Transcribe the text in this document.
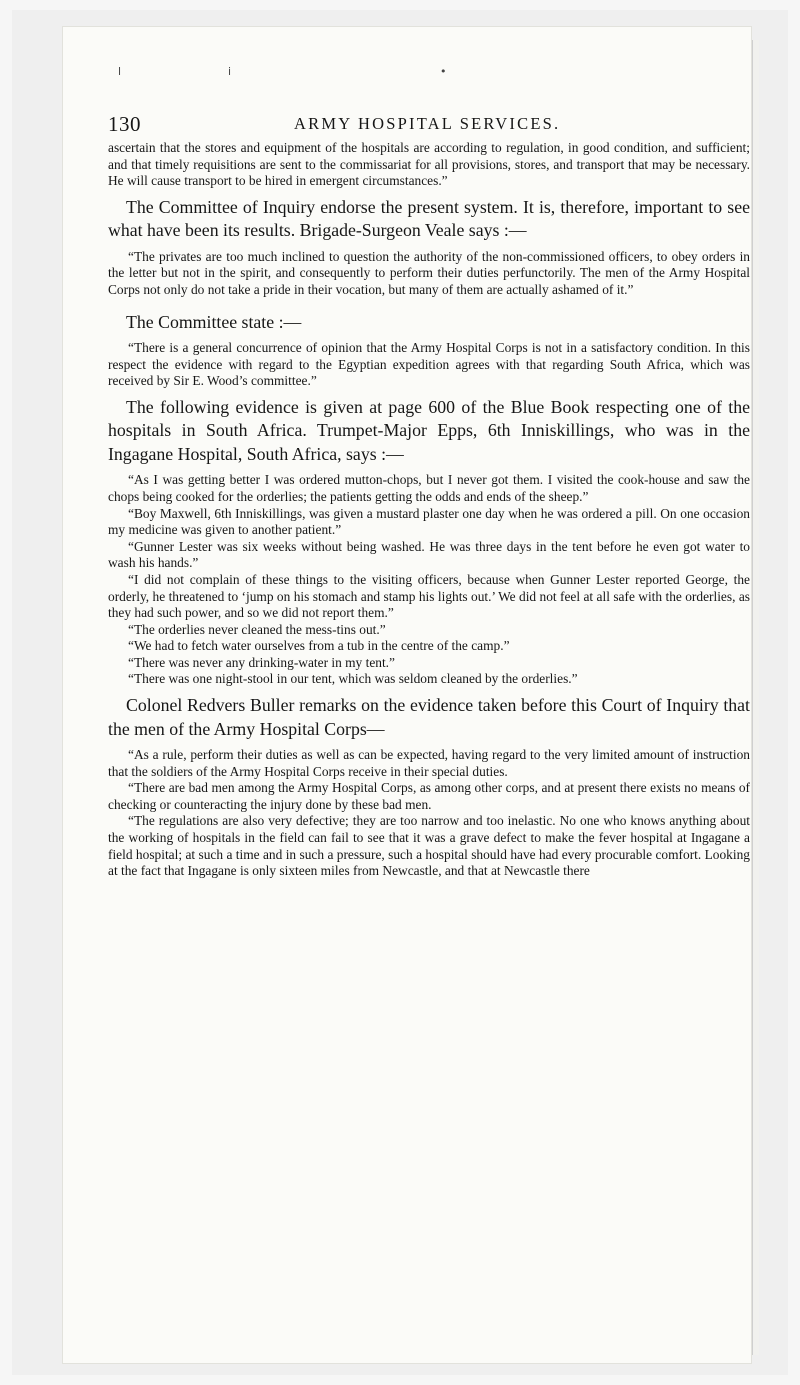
l	i	•
130	ARMY HOSPITAL SERVICES.

ascertain that the stores and equipment of the hospitals are according to regulation, in good condition, and sufficient; and that timely requisitions are sent to the commissariat for all provisions, stores, and transport that may be necessary. He will cause transport to be hired in emergent circumstances.”

The Committee of Inquiry endorse the present system. It is, therefore, important to see what have been its results. Brigade-Surgeon Veale says :—

“The privates are too much inclined to question the authority of the non-commissioned officers, to obey orders in the letter but not in the spirit, and consequently to perform their duties perfunctorily. The men of the Army Hospital Corps not only do not take a pride in their vocation, but many of them are actually ashamed of it.”

The Committee state :—

“There is a general concurrence of opinion that the Army Hospital Corps is not in a satisfactory condition. In this respect the evidence with regard to the Egyptian expedition agrees with that regarding South Africa, which was received by Sir E. Wood’s committee.”

The following evidence is given at page 600 of the Blue Book respecting one of the hospitals in South Africa. Trumpet-Major Epps, 6th Inniskillings, who was in the Ingagane Hospital, South Africa, says :—

“As I was getting better I was ordered mutton-chops, but I never got them. I visited the cook-house and saw the chops being cooked for the orderlies; the patients getting the odds and ends of the sheep.”

“Boy Maxwell, 6th Inniskillings, was given a mustard plaster one day when he was ordered a pill. On one occasion my medicine was given to another patient.”

“Gunner Lester was six weeks without being washed. He was three days in the tent before he even got water to wash his hands.”

“I did not complain of these things to the visiting officers, because when Gunner Lester reported George, the orderly, he threatened to ‘jump on his stomach and stamp his lights out.’ We did not feel at all safe with the orderlies, as they had such power, and so we did not report them.”

“The orderlies never cleaned the mess-tins out.”

“We had to fetch water ourselves from a tub in the centre of the camp.”

“There was never any drinking-water in my tent.”

“There was one night-stool in our tent, which was seldom cleaned by the orderlies.”

Colonel Redvers Buller remarks on the evidence taken before this Court of Inquiry that the men of the Army Hospital Corps—

“As a rule, perform their duties as well as can be expected, having regard to the very limited amount of instruction that the soldiers of the Army Hospital Corps receive in their special duties.

“There are bad men among the Army Hospital Corps, as among other corps, and at present there exists no means of checking or counteracting the injury done by these bad men.

“The regulations are also very defective; they are too narrow and too inelastic. No one who knows anything about the working of hospitals in the field can fail to see that it was a grave defect to make the fever hospital at Ingagane a field hospital; at such a time and in such a pressure, such a hospital should have had every procurable comfort. Looking at the fact that Ingagane is only sixteen miles from Newcastle, and that at Newcastle there
